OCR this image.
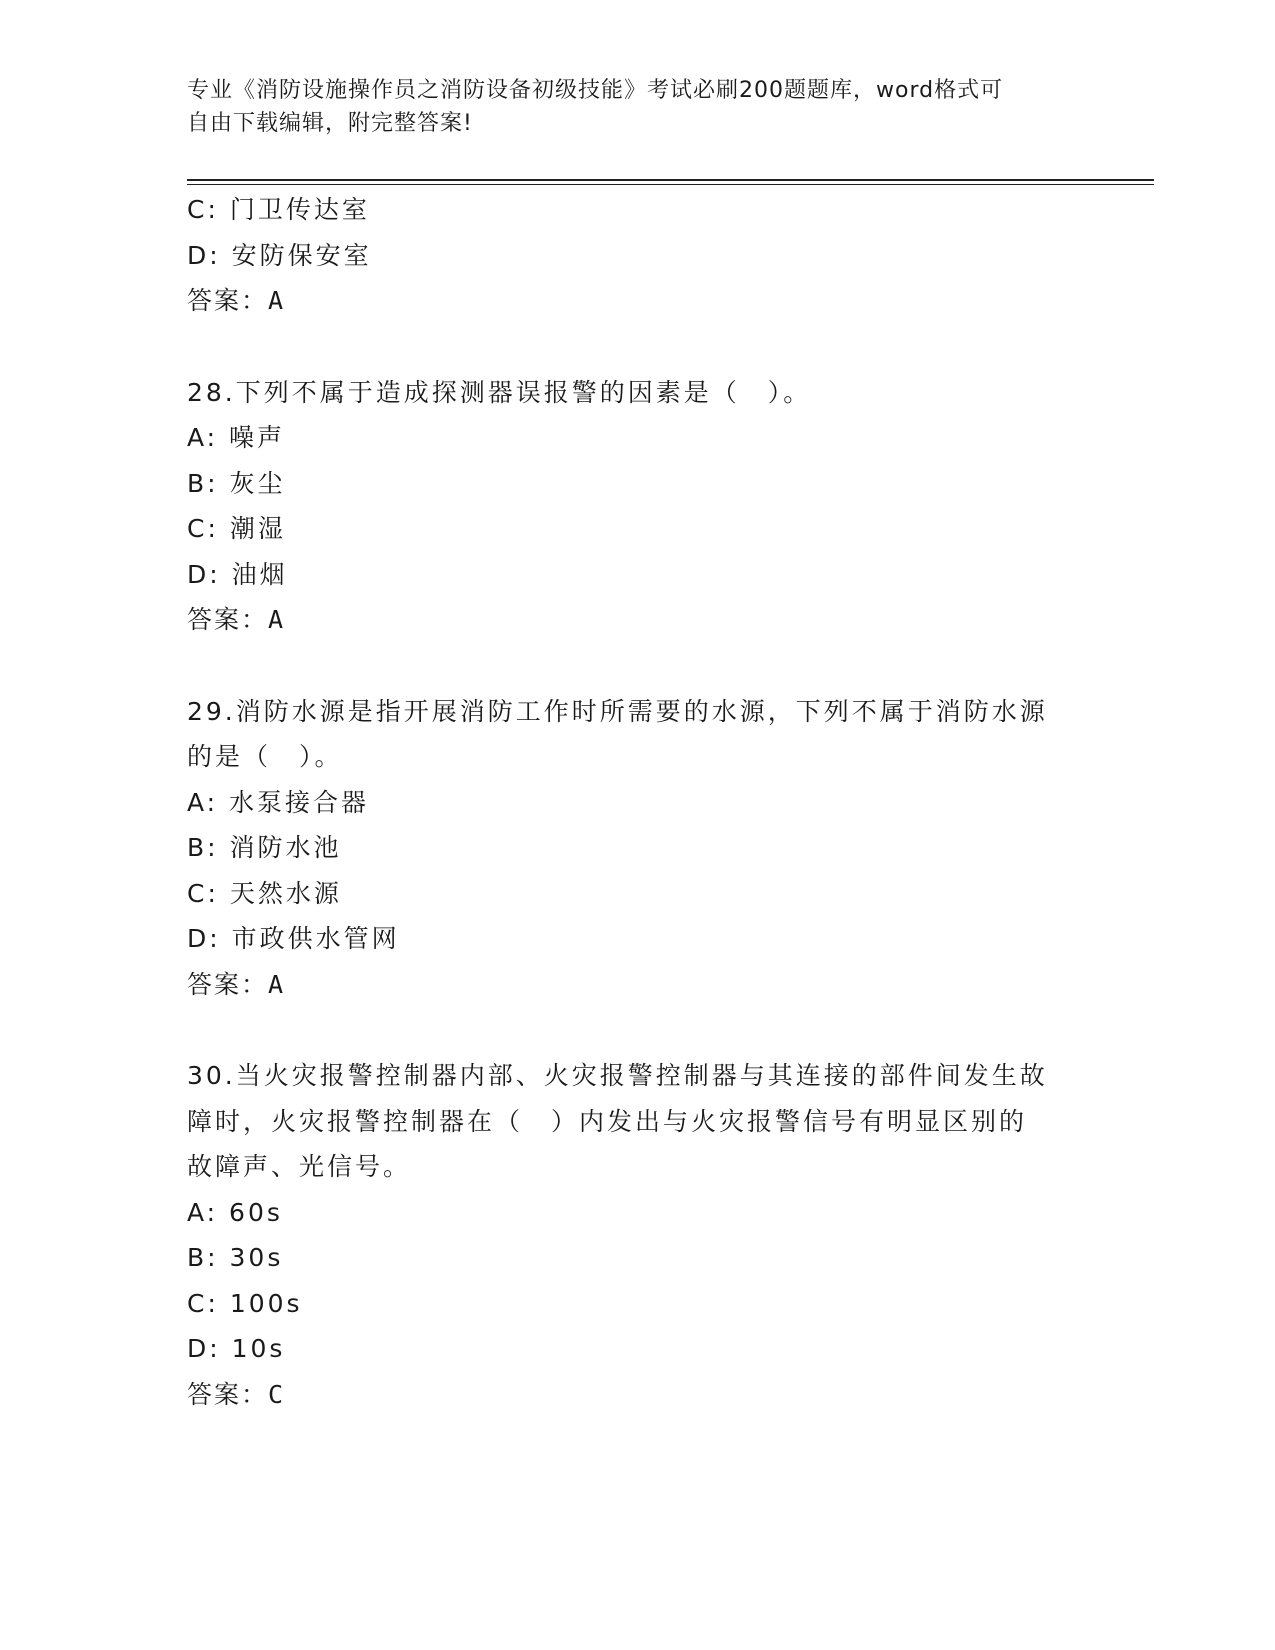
专业《消防设施操作员之消防设备初级技能》考试必刷200题题库，word格式可
自由下载编辑，附完整答案!
C: 门卫传达室
D: 安防保安室
答案：A
28.下列不属于造成探测器误报警的因素是（　）。
A: 噪声
B: 灰尘
C: 潮湿
D: 油烟
答案：A
29.消防水源是指开展消防工作时所需要的水源，下列不属于消防水源
的是（　）。
A: 水泵接合器
B: 消防水池
C: 天然水源
D: 市政供水管网
答案：A
30.当火灾报警控制器内部、火灾报警控制器与其连接的部件间发生故
障时，火灾报警控制器在（　）内发出与火灾报警信号有明显区别的
故障声、光信号。
A: 60s
B: 30s
C: 100s
D: 10s
答案：C
